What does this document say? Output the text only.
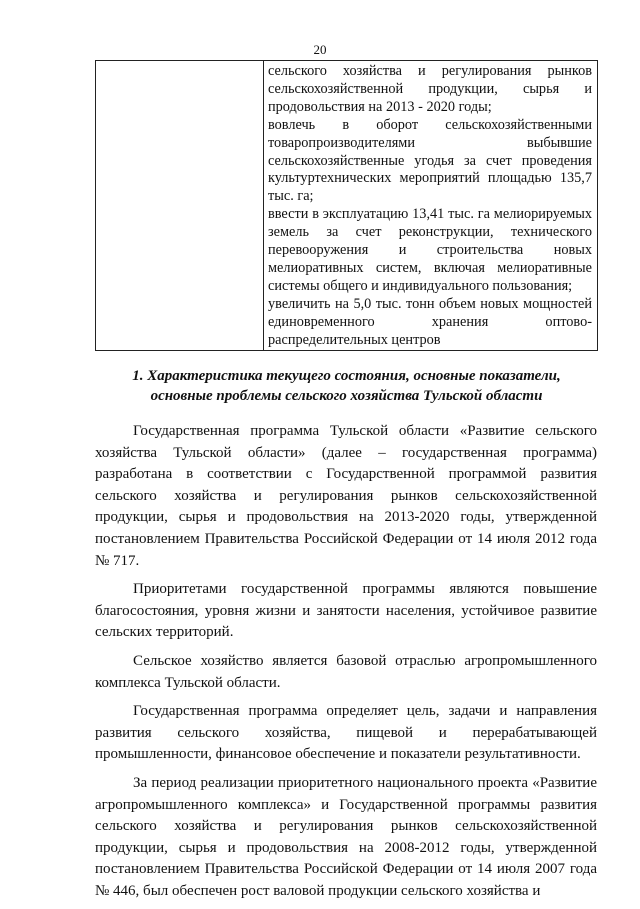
20

сельского хозяйства и регулирования рынков сельскохозяйственной продукции, сырья и продовольствия на 2013 - 2020 годы;

вовлечь в оборот сельскохозяйственными товаропроизводителями выбывшие сельскохозяйственные угодья за счет проведения культуртехнических мероприятий площадью 135,7 тыс. га;

ввести в эксплуатацию 13,41 тыс. га мелиорируемых земель за счет реконструкции, технического перевооружения и строительства новых мелиоративных систем, включая мелиоративные системы общего и индивидуального пользования;

увеличить на 5,0 тыс. тонн объем новых мощностей единовременного хранения оптово-распределительных центров

1. Характеристика текущего состояния, основные показатели,
основные проблемы сельского хозяйства Тульской области

Государственная программа Тульской области «Развитие сельского хозяйства Тульской области» (далее – государственная программа) разработана в соответствии с Государственной программой развития сельского хозяйства и регулирования рынков сельскохозяйственной продукции, сырья и продовольствия на 2013-2020 годы, утвержденной постановлением Правительства Российской Федерации от 14 июля 2012 года № 717.

Приоритетами государственной программы являются повышение благосостояния, уровня жизни и занятости населения, устойчивое развитие сельских территорий.

Сельское хозяйство является базовой отраслью агропромышленного комплекса Тульской области.

Государственная программа определяет цель, задачи и направления развития сельского хозяйства, пищевой и перерабатывающей промышленности, финансовое обеспечение и показатели результативности.

За период реализации приоритетного национального проекта «Развитие агропромышленного комплекса» и Государственной программы развития сельского хозяйства и регулирования рынков сельскохозяйственной продукции, сырья и продовольствия на 2008-2012 годы, утвержденной постановлением Правительства Российской Федерации от 14 июля 2007 года № 446, был обеспечен рост валовой продукции сельского хозяйства и
